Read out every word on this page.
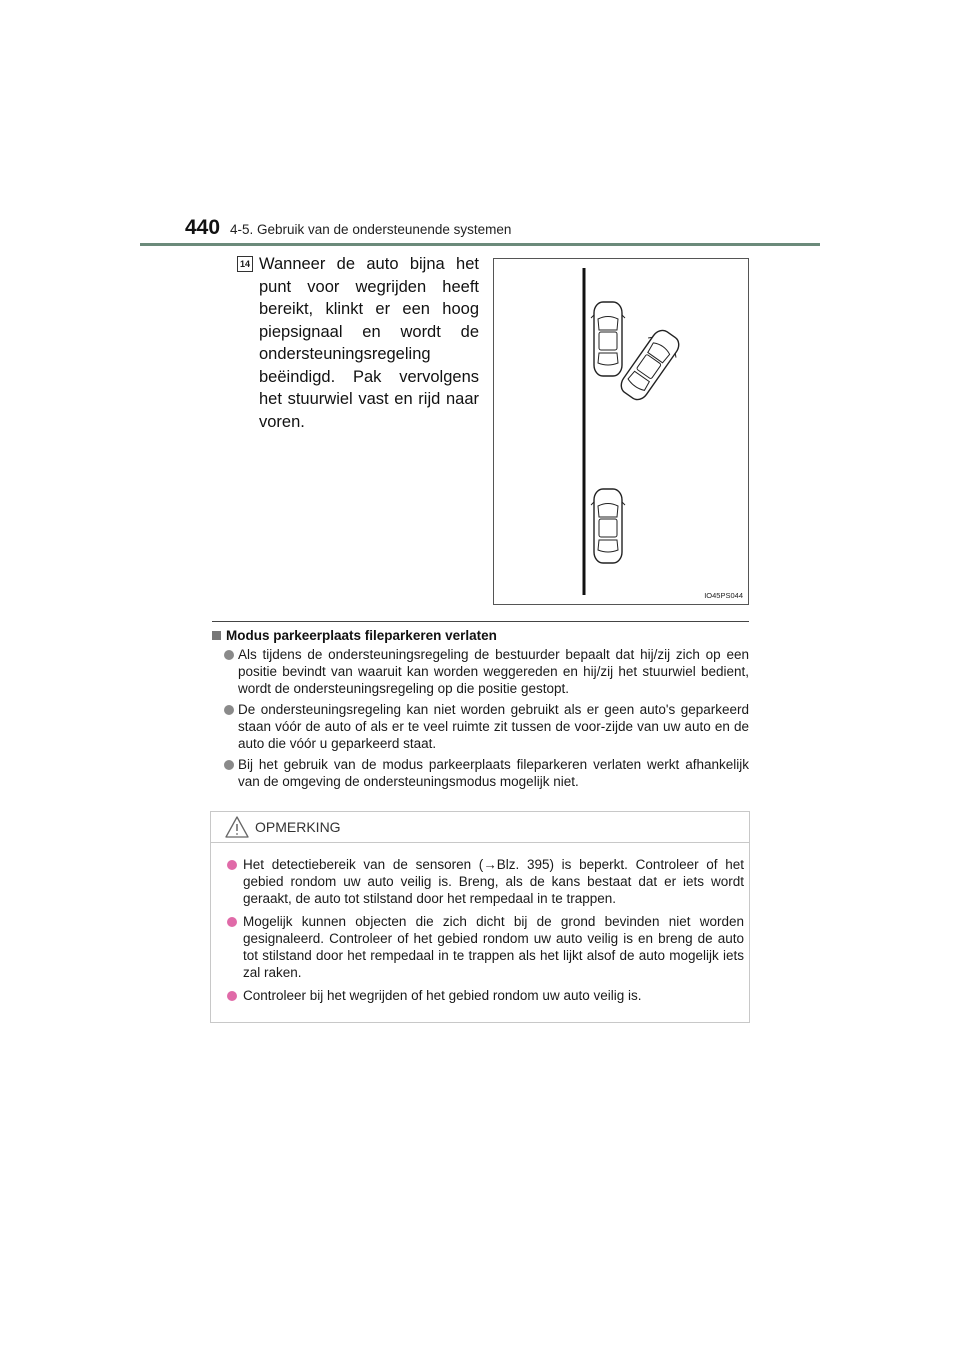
440 4-5. Gebruik van de ondersteunende systemen
14 Wanneer de auto bijna het punt voor wegrijden heeft bereikt, klinkt er een hoog piepsignaal en wordt de ondersteuningsregeling beëindigd. Pak vervolgens het stuurwiel vast en rijd naar voren.
IO45PS044
Modus parkeerplaats fileparkeren verlaten
Als tijdens de ondersteuningsregeling de bestuurder bepaalt dat hij/zij zich op een positie bevindt van waaruit kan worden weggereden en hij/zij het stuurwiel bedient, wordt de ondersteuningsregeling op die positie gestopt.
De ondersteuningsregeling kan niet worden gebruikt als er geen auto's geparkeerd staan vóór de auto of als er te veel ruimte zit tussen de voor-zijde van uw auto en de auto die vóór u geparkeerd staat.
Bij het gebruik van de modus parkeerplaats fileparkeren verlaten werkt afhankelijk van de omgeving de ondersteuningsmodus mogelijk niet.
OPMERKING
Het detectiebereik van de sensoren (→Blz. 395) is beperkt. Controleer of het gebied rondom uw auto veilig is. Breng, als de kans bestaat dat er iets wordt geraakt, de auto tot stilstand door het rempedaal in te trappen.
Mogelijk kunnen objecten die zich dicht bij de grond bevinden niet worden gesignaleerd. Controleer of het gebied rondom uw auto veilig is en breng de auto tot stilstand door het rempedaal in te trappen als het lijkt alsof de auto mogelijk iets zal raken.
Controleer bij het wegrijden of het gebied rondom uw auto veilig is.
